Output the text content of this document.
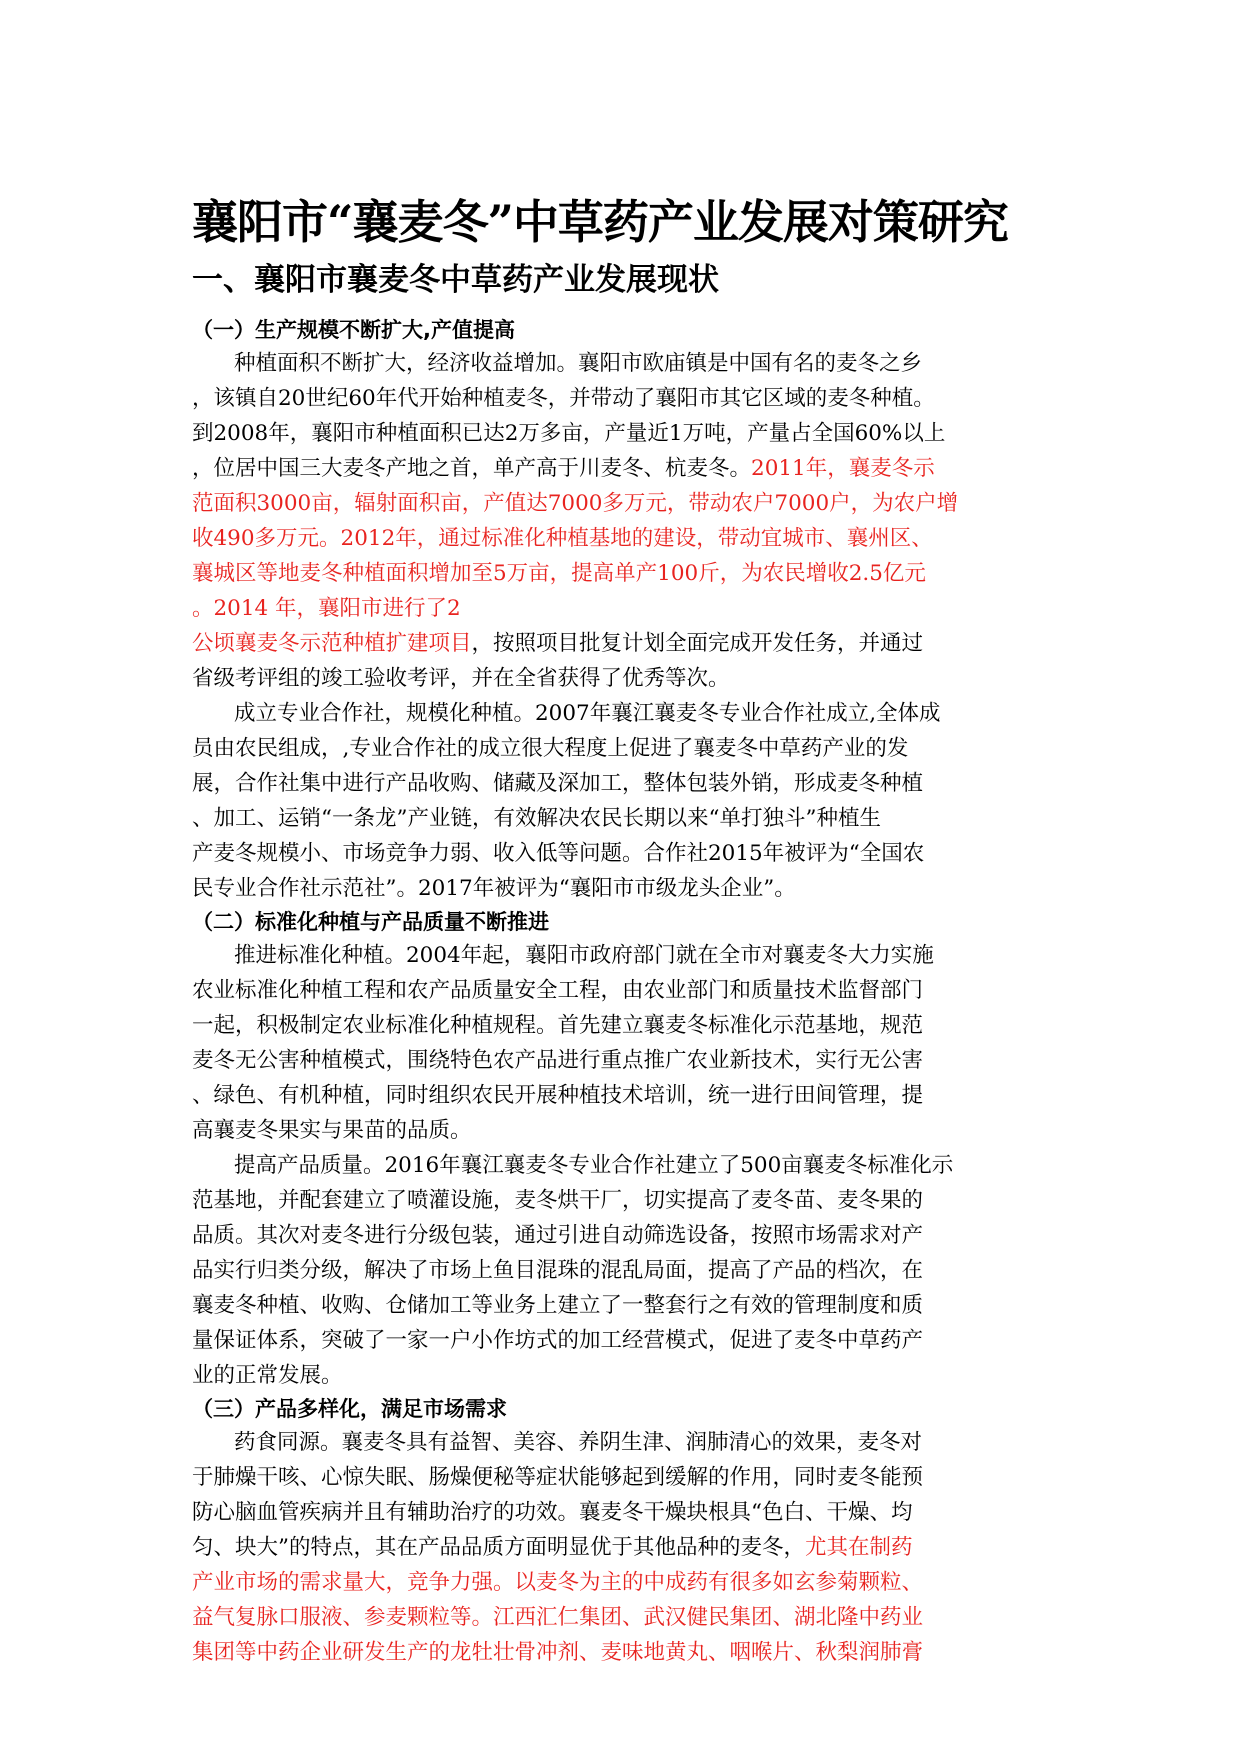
襄阳市“襄麦冬”中草药产业发展对策研究
一、襄阳市襄麦冬中草药产业发展现状
（一）生产规模不断扩大,产值提高
种植面积不断扩大，经济收益增加。襄阳市欧庙镇是中国有名的麦冬之乡
，该镇自20世纪60年代开始种植麦冬，并带动了襄阳市其它区域的麦冬种植。
到2008年，襄阳市种植面积已达2万多亩，产量近1万吨，产量占全国60%以上
，位居中国三大麦冬产地之首，单产高于川麦冬、杭麦冬。2011年，襄麦冬示
范面积3000亩，辐射面积亩，产值达7000多万元，带动农户7000户，为农户增
收490多万元。2012年，通过标准化种植基地的建设，带动宜城市、襄州区、
襄城区等地麦冬种植面积增加至5万亩，提高单产100斤，为农民增收2.5亿元
。2014 年，襄阳市进行了2
公顷襄麦冬示范种植扩建项目，按照项目批复计划全面完成开发任务，并通过
省级考评组的竣工验收考评，并在全省获得了优秀等次。
成立专业合作社，规模化种植。2007年襄江襄麦冬专业合作社成立,全体成
员由农民组成，,专业合作社的成立很大程度上促进了襄麦冬中草药产业的发
展，合作社集中进行产品收购、储藏及深加工，整体包装外销，形成麦冬种植
、加工、运销“一条龙”产业链，有效解决农民长期以来“单打独斗”种植生
产麦冬规模小、市场竞争力弱、收入低等问题。合作社2015年被评为“全国农
民专业合作社示范社”。2017年被评为“襄阳市市级龙头企业”。
（二）标准化种植与产品质量不断推进
推进标准化种植。2004年起，襄阳市政府部门就在全市对襄麦冬大力实施
农业标准化种植工程和农产品质量安全工程，由农业部门和质量技术监督部门
一起，积极制定农业标准化种植规程。首先建立襄麦冬标准化示范基地，规范
麦冬无公害种植模式，围绕特色农产品进行重点推广农业新技术，实行无公害
、绿色、有机种植，同时组织农民开展种植技术培训，统一进行田间管理，提
高襄麦冬果实与果苗的品质。
提高产品质量。2016年襄江襄麦冬专业合作社建立了500亩襄麦冬标准化示
范基地，并配套建立了喷灌设施，麦冬烘干厂，切实提高了麦冬苗、麦冬果的
品质。其次对麦冬进行分级包装，通过引进自动筛选设备，按照市场需求对产
品实行归类分级，解决了市场上鱼目混珠的混乱局面，提高了产品的档次，在
襄麦冬种植、收购、仓储加工等业务上建立了一整套行之有效的管理制度和质
量保证体系，突破了一家一户小作坊式的加工经营模式，促进了麦冬中草药产
业的正常发展。
（三）产品多样化，满足市场需求
药食同源。襄麦冬具有益智、美容、养阴生津、润肺清心的效果，麦冬对
于肺燥干咳、心惊失眠、肠燥便秘等症状能够起到缓解的作用，同时麦冬能预
防心脑血管疾病并且有辅助治疗的功效。襄麦冬干燥块根具“色白、干燥、均
匀、块大”的特点，其在产品品质方面明显优于其他品种的麦冬，尤其在制药
产业市场的需求量大，竞争力强。以麦冬为主的中成药有很多如玄参菊颗粒、
益气复脉口服液、参麦颗粒等。江西汇仁集团、武汉健民集团、湖北隆中药业
集团等中药企业研发生产的龙牡壮骨冲剂、麦味地黄丸、咽喉片、秋梨润肺膏
